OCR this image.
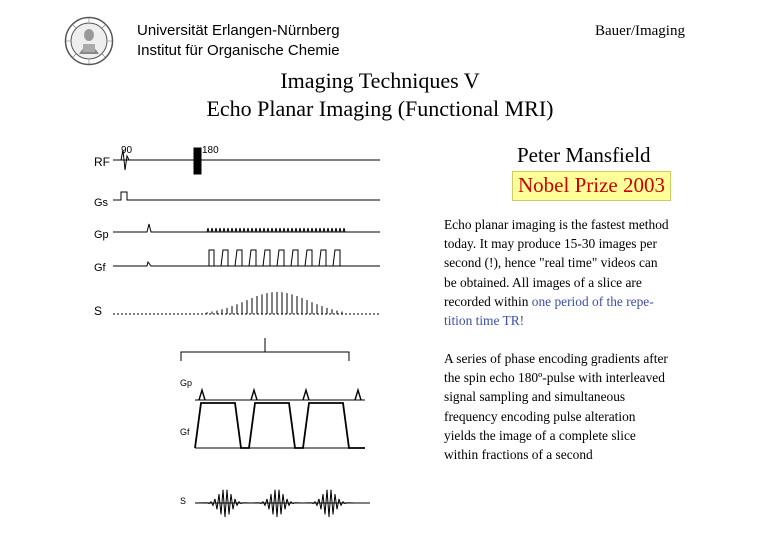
Universität Erlangen-Nürnberg
Institut für Organische Chemie
Bauer/Imaging
Imaging Techniques V
Echo Planar Imaging (Functional MRI)
RF
Gs
Gp
Gf
S
90	180
Gp
Gf
S
Peter Mansfield
Nobel Prize 2003
Echo planar imaging is the fastest method
today. It may produce 15-30 images per
second (!), hence "real time" videos can
be obtained. All images of a slice are
recorded within one period of the repe-
tition time TR!
A series of phase encoding gradients after
the spin echo 180º-pulse with interleaved
signal sampling and simultaneous
frequency encoding pulse alteration
yields the image of a complete slice
within fractions of a second
